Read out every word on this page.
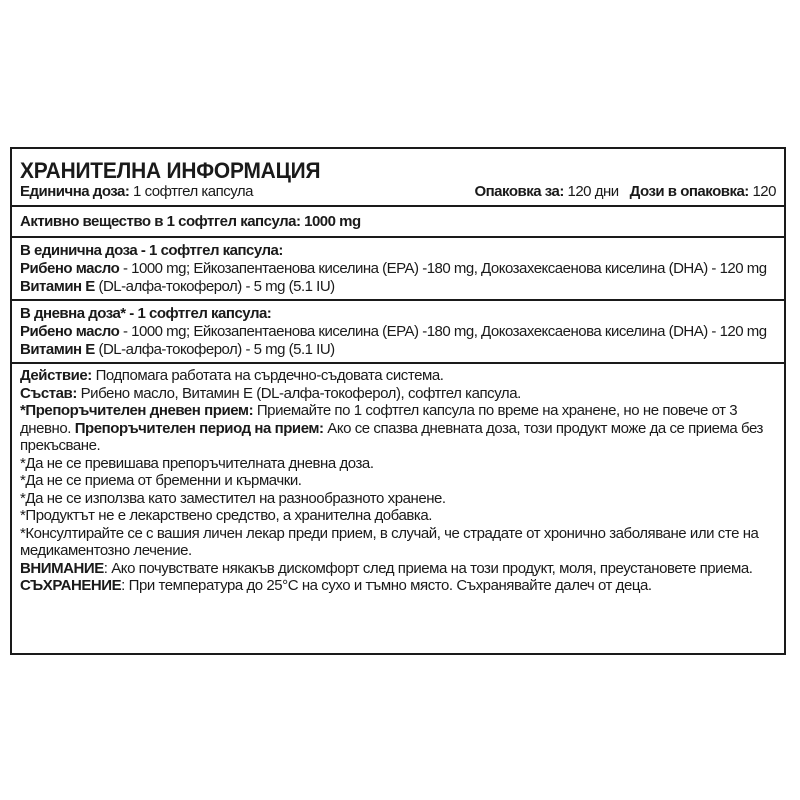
ХРАНИТЕЛНА ИНФОРМАЦИЯ
Единична доза: 1 софтгел капсула	Опаковка за: 120 дни Дози в опаковка: 120
Активно вещество в 1 софтгел капсула: 1000 mg
В единична доза - 1 софтгел капсула:
Рибено масло - 1000 mg; Ейкозапентаенова киселина (EPA) -180 mg, Докозахексаенова киселина (DHA) - 120 mg
Витамин Е (DL-алфа-токоферол) - 5 mg (5.1 IU)
В дневна доза* - 1 софтгел капсула:
Рибено масло - 1000 mg; Ейкозапентаенова киселина (EPA) -180 mg, Докозахексаенова киселина (DHA) - 120 mg
Витамин Е (DL-алфа-токоферол) - 5 mg (5.1 IU)

Действие: Подпомага работата на сърдечно-съдовата система.

Състав: Рибено масло, Витамин Е (DL-алфа-токоферол), софтгел капсула.

*Препоръчителен дневен прием: Приемайте по 1 софтгел капсула по време на хранене, но не повече от 3 дневно. Препоръчителен период на прием: Ако се спазва дневната доза, този продукт може да се приема без прекъсване.

*Да не се превишава препоръчителната дневна доза.

*Да не се приема от бременни и кърмачки.

*Да не се използва като заместител на разнообразното хранене.

*Продуктът не е лекарствено средство, а хранителна добавка.

*Консултирайте се с вашия личен лекар преди прием, в случай, че страдате от хронично заболяване или сте на медикаментозно лечение.

ВНИМАНИЕ: Ако почувствате някакъв дискомфорт след приема на този продукт, моля, преустановете приема. СЪХРАНЕНИЕ: При температура до 25°С на сухо и тъмно място. Съхранявайте далеч от деца.
